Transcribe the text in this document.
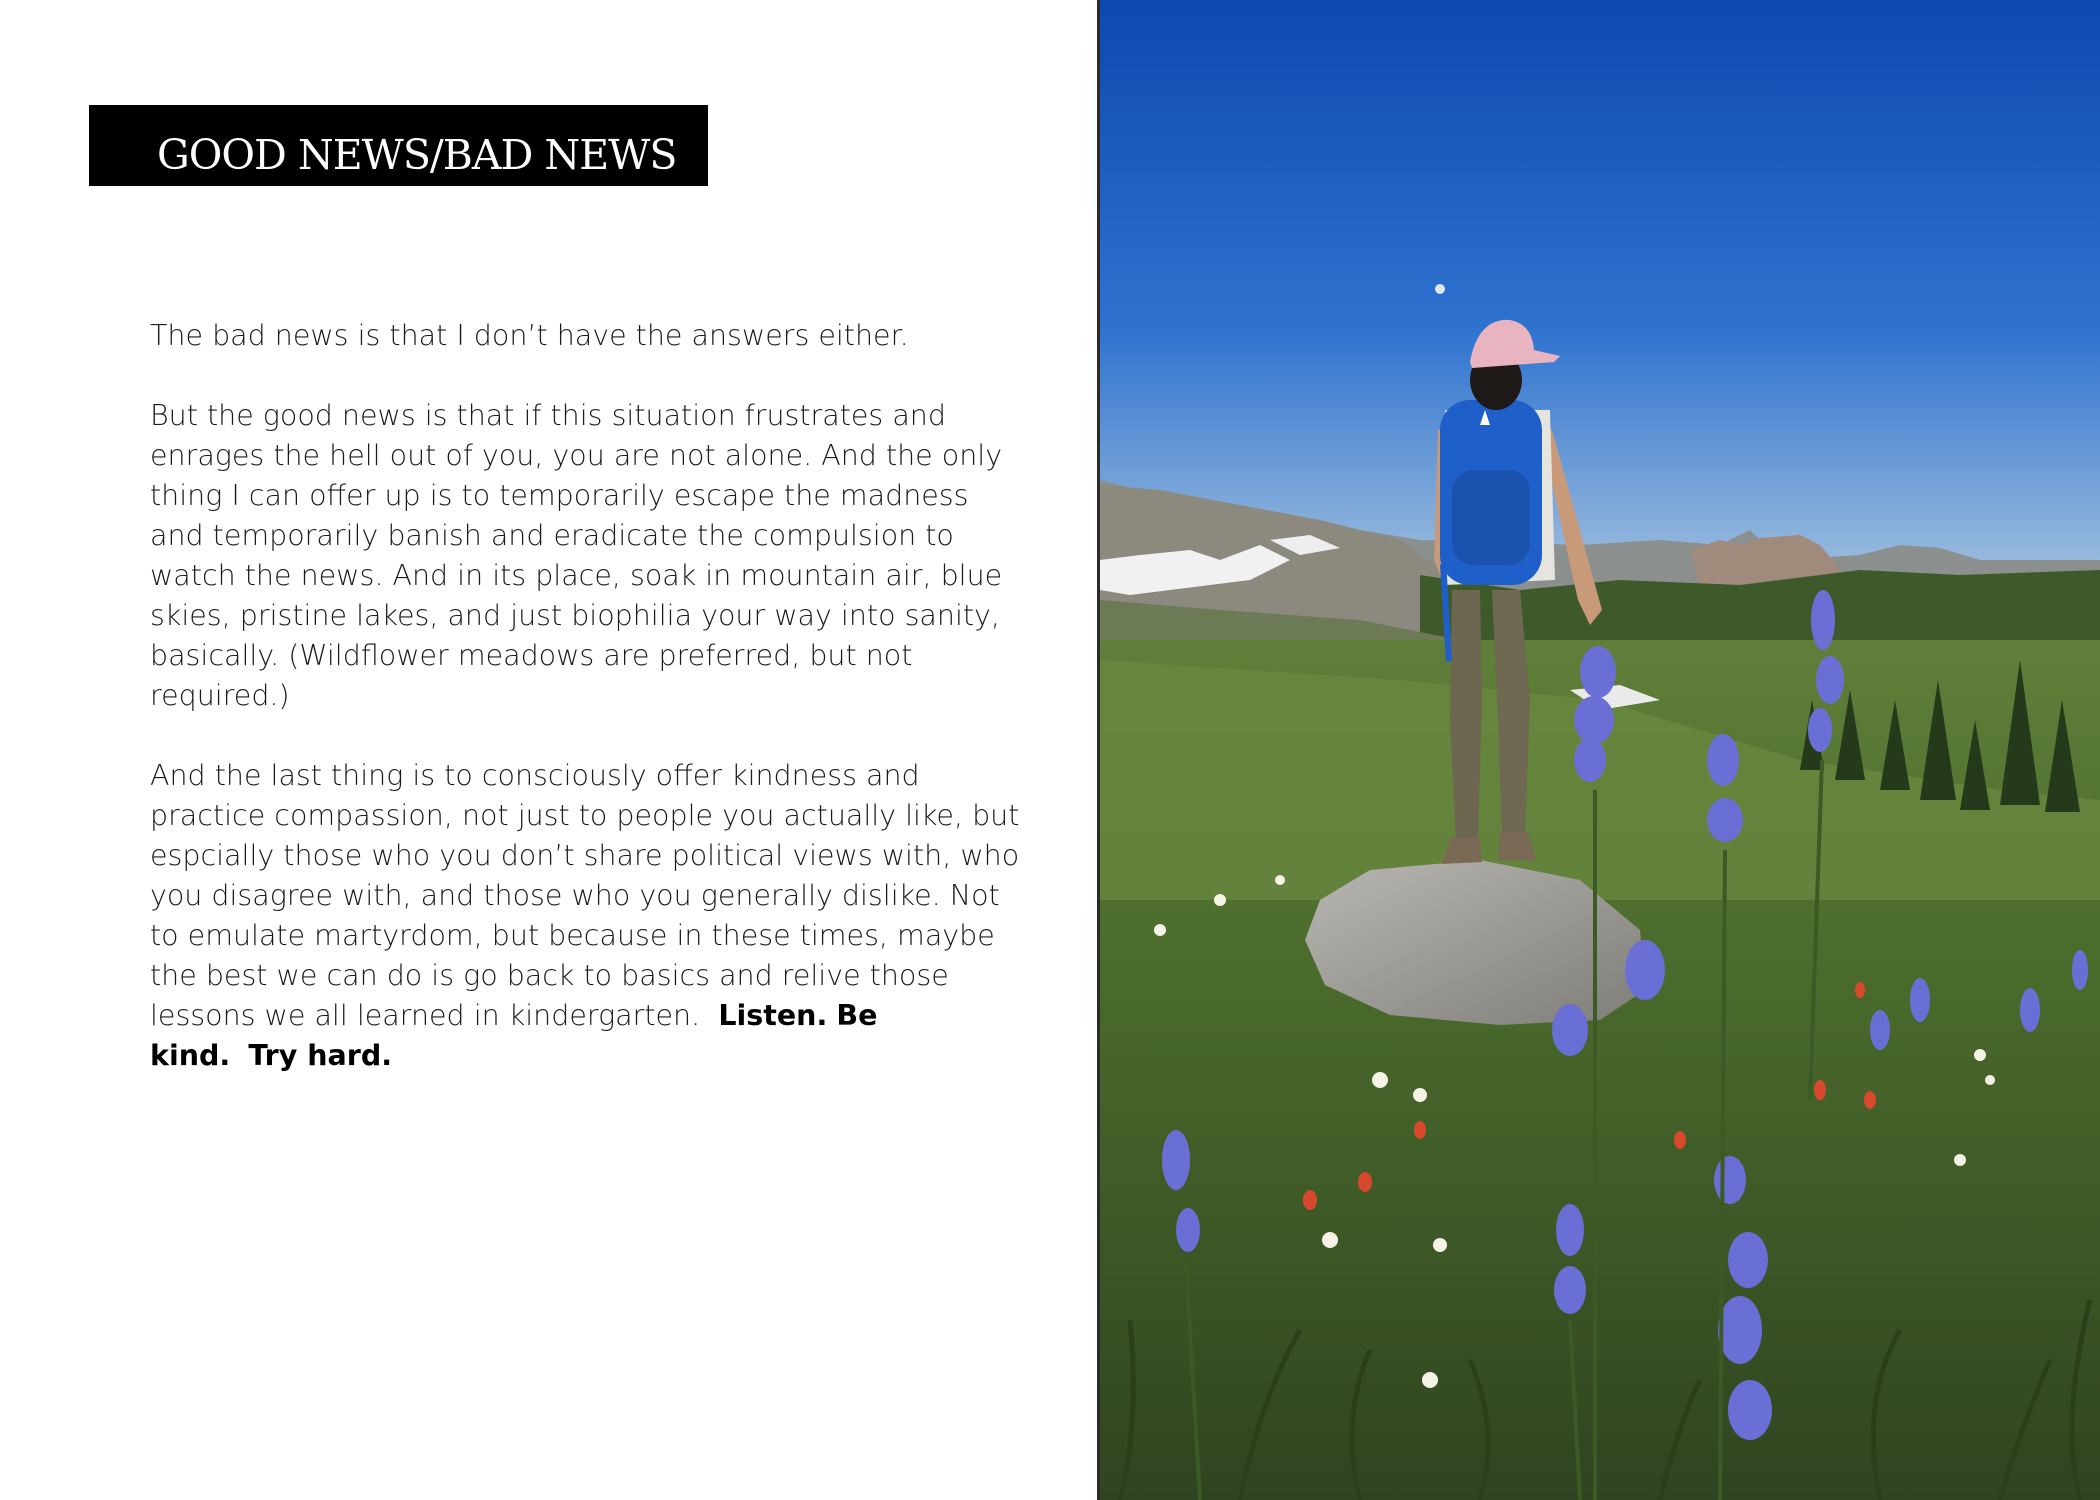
GOOD NEWS/BAD NEWS

The bad news is that I don’t have the answers either.

But the good news is that if this situation frustrates and enrages the hell out of you, you are not alone. And the only thing I can offer up is to temporarily escape the madness and temporarily banish and eradicate the compulsion to watch the news. And in its place, soak in mountain air, blue skies, pristine lakes, and just biophilia your way into sanity, basically. (Wildflower meadows are preferred, but not required.)

And the last thing is to consciously offer kindness and practice compassion, not just to people you actually like, but espcially those who you don’t share political views with, who you disagree with, and those who you generally dislike. Not to emulate martyrdom, but because in these times, maybe the best we can do is go back to basics and relive those lessons we all learned in kindergarten. Listen. Be kind. Try hard.
